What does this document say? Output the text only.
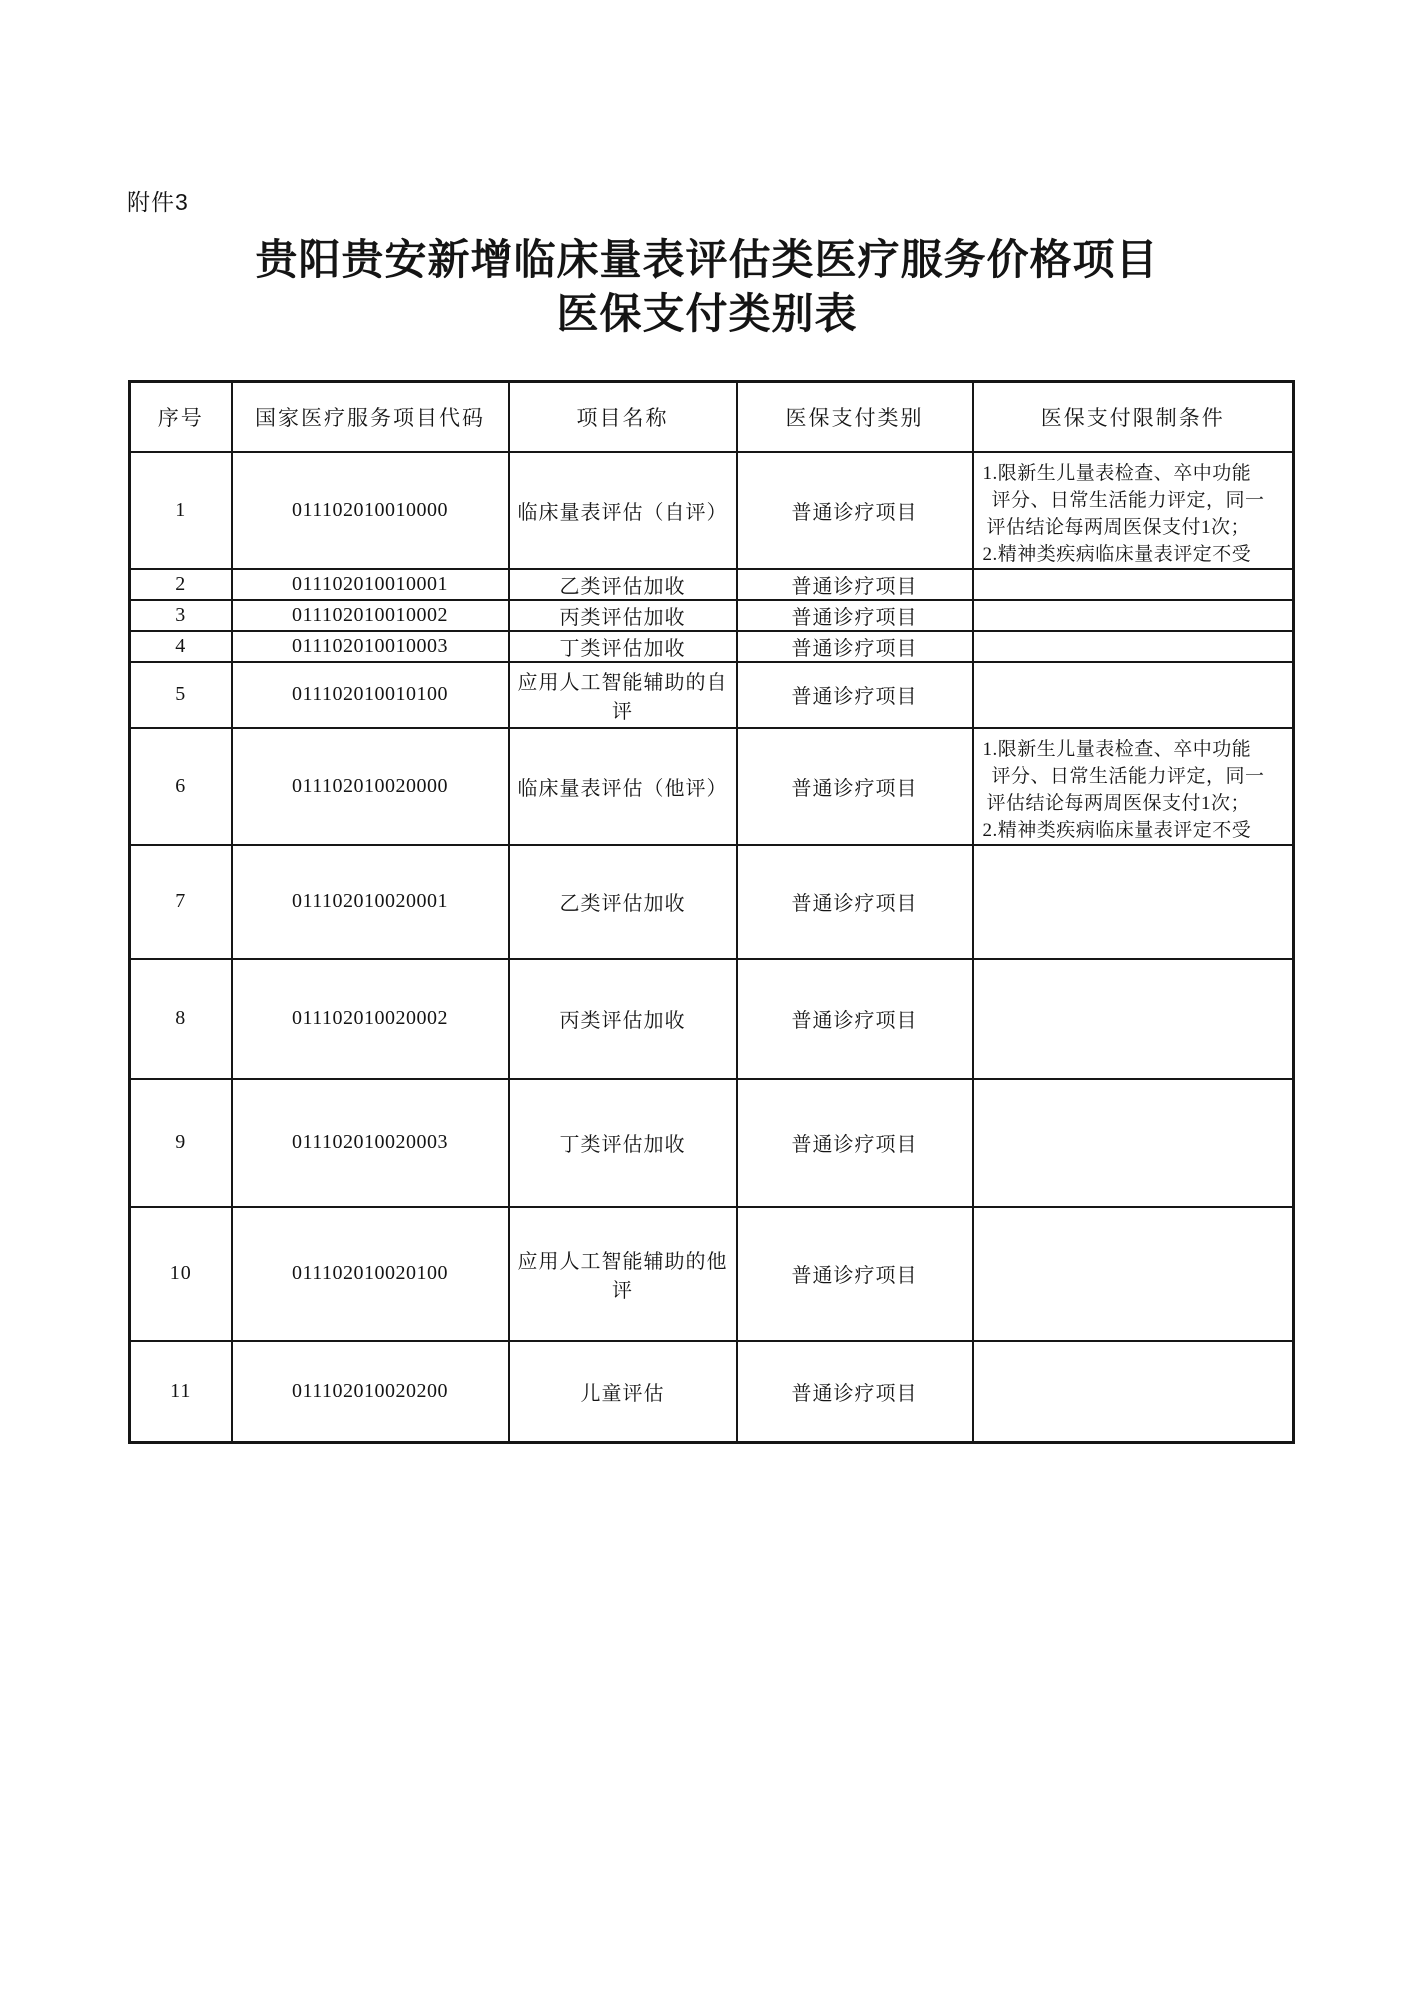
附件3
贵阳贵安新增临床量表评估类医疗服务价格项目
医保支付类别表
序号	国家医疗服务项目代码	项目名称	医保支付类别	医保支付限制条件
1	011102010010000	临床量表评估（自评）	普通诊疗项目	1.限新生儿量表检查、卒中功能
评分、日常生活能力评定，同一
评估结论每两周医保支付1次；
2.精神类疾病临床量表评定不受

2	011102010010001	乙类评估加收	普通诊疗项目	
3	011102010010002	丙类评估加收	普通诊疗项目	
4	011102010010003	丁类评估加收	普通诊疗项目	
5	011102010010100	应用人工智能辅助的自评	普通诊疗项目	
6	011102010020000	临床量表评估（他评）	普通诊疗项目	1.限新生儿量表检查、卒中功能
评分、日常生活能力评定，同一
评估结论每两周医保支付1次；
2.精神类疾病临床量表评定不受

7	011102010020001	乙类评估加收	普通诊疗项目	
8	011102010020002	丙类评估加收	普通诊疗项目	
9	011102010020003	丁类评估加收	普通诊疗项目	
10	011102010020100	应用人工智能辅助的他评	普通诊疗项目	
11	011102010020200	儿童评估	普通诊疗项目	
